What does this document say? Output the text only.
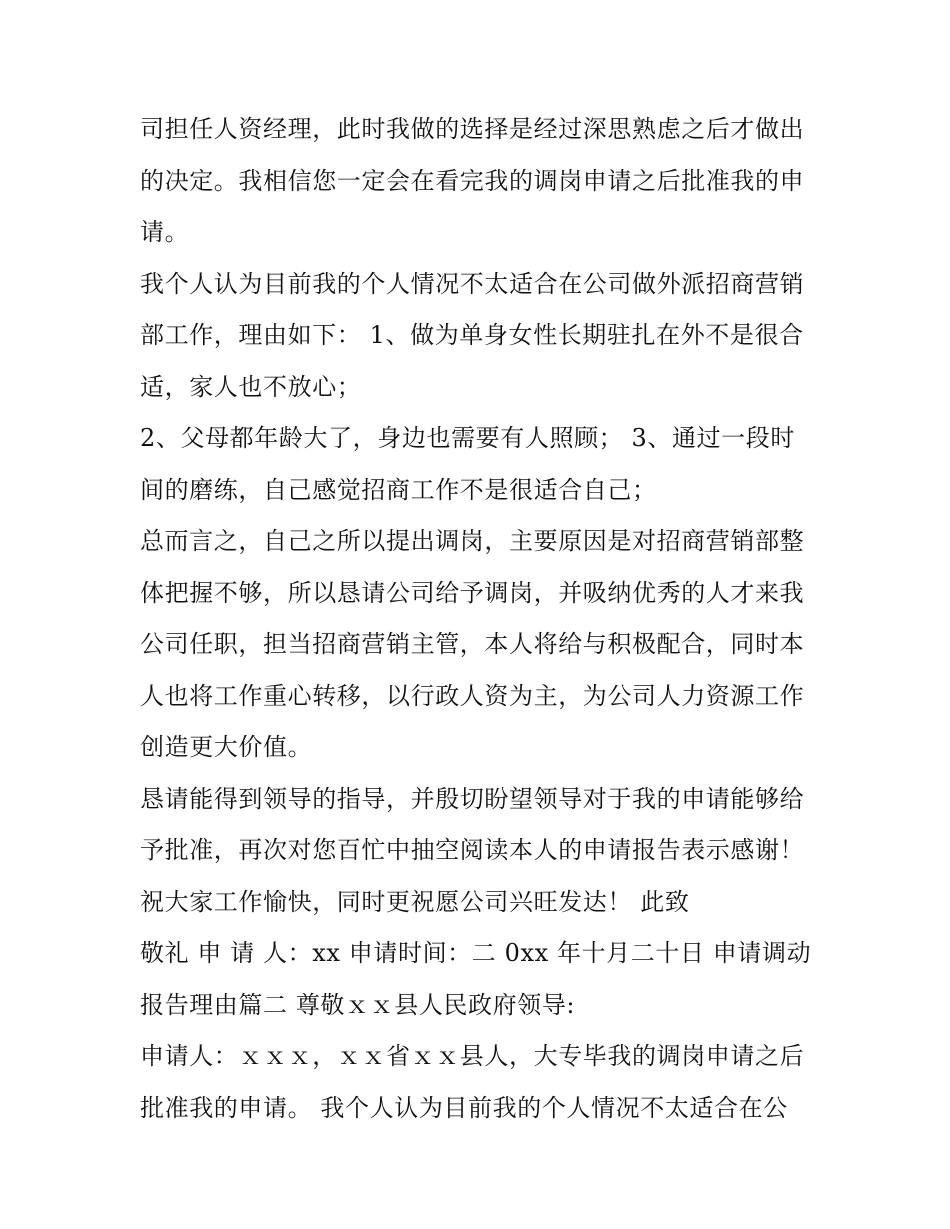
司担任人资经理，此时我做的选择是经过深思熟虑之后才做出
的决定。我相信您一定会在看完我的调岗申请之后批准我的申
请。
我个人认为目前我的个人情况不太适合在公司做外派招商营销
部工作，理由如下： 1、做为单身女性长期驻扎在外不是很合
适，家人也不放心；
2、父母都年龄大了，身边也需要有人照顾； 3、通过一段时
间的磨练，自己感觉招商工作不是很适合自己；
总而言之，自己之所以提出调岗，主要原因是对招商营销部整
体把握不够，所以恳请公司给予调岗，并吸纳优秀的人才来我
公司任职，担当招商营销主管，本人将给与积极配合，同时本
人也将工作重心转移，以行政人资为主，为公司人力资源工作
创造更大价值。
恳请能得到领导的指导，并殷切盼望领导对于我的申请能够给
予批准，再次对您百忙中抽空阅读本人的申请报告表示感谢！
祝大家工作愉快，同时更祝愿公司兴旺发达！ 此致
敬礼 申 请 人：xx 申请时间：二 0xx 年十月二十日 申请调动
报告理由篇二 尊敬ｘｘ县人民政府领导:
申请人：ｘｘｘ，ｘｘ省ｘｘ县人，大专毕我的调岗申请之后
批准我的申请。 我个人认为目前我的个人情况不太适合在公
